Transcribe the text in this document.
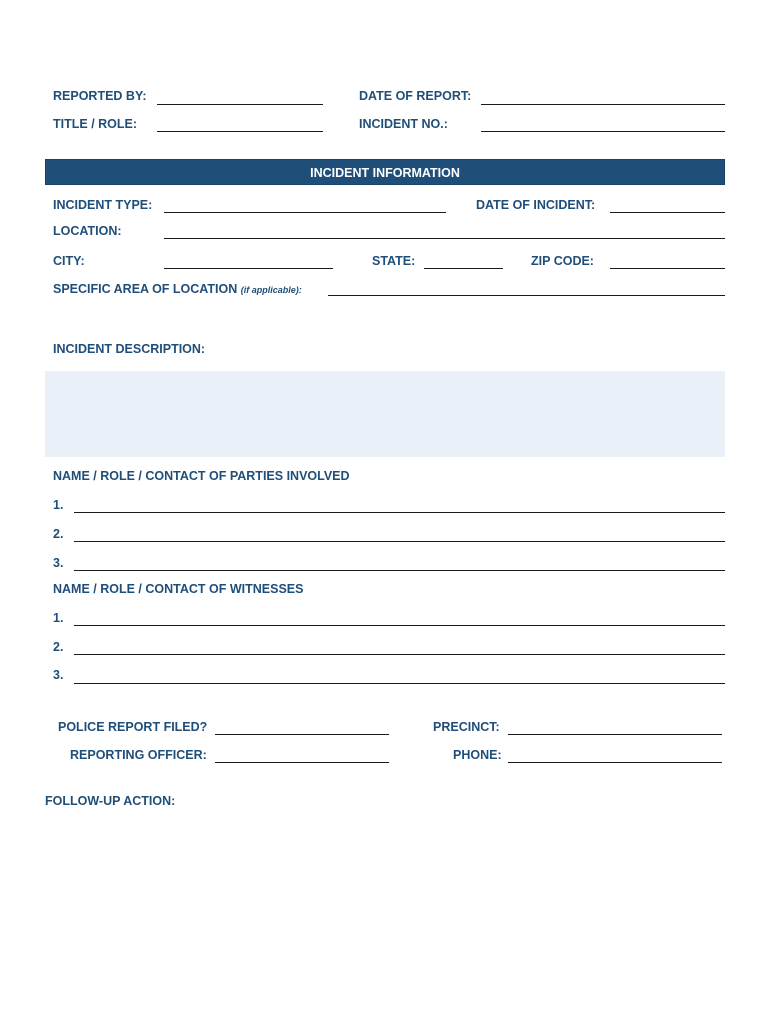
REPORTED BY:	DATE OF REPORT:
TITLE / ROLE:	INCIDENT NO.:
INCIDENT INFORMATION
INCIDENT TYPE:	DATE OF INCIDENT:
LOCATION:
CITY:	STATE:	ZIP CODE:
SPECIFIC AREA OF LOCATION (if applicable):
INCIDENT DESCRIPTION:
NAME / ROLE / CONTACT OF PARTIES INVOLVED
1.
2.
3.
NAME / ROLE / CONTACT OF WITNESSES
1.
2.
3.
POLICE REPORT FILED?	PRECINCT:
REPORTING OFFICER:	PHONE:
FOLLOW-UP ACTION:
